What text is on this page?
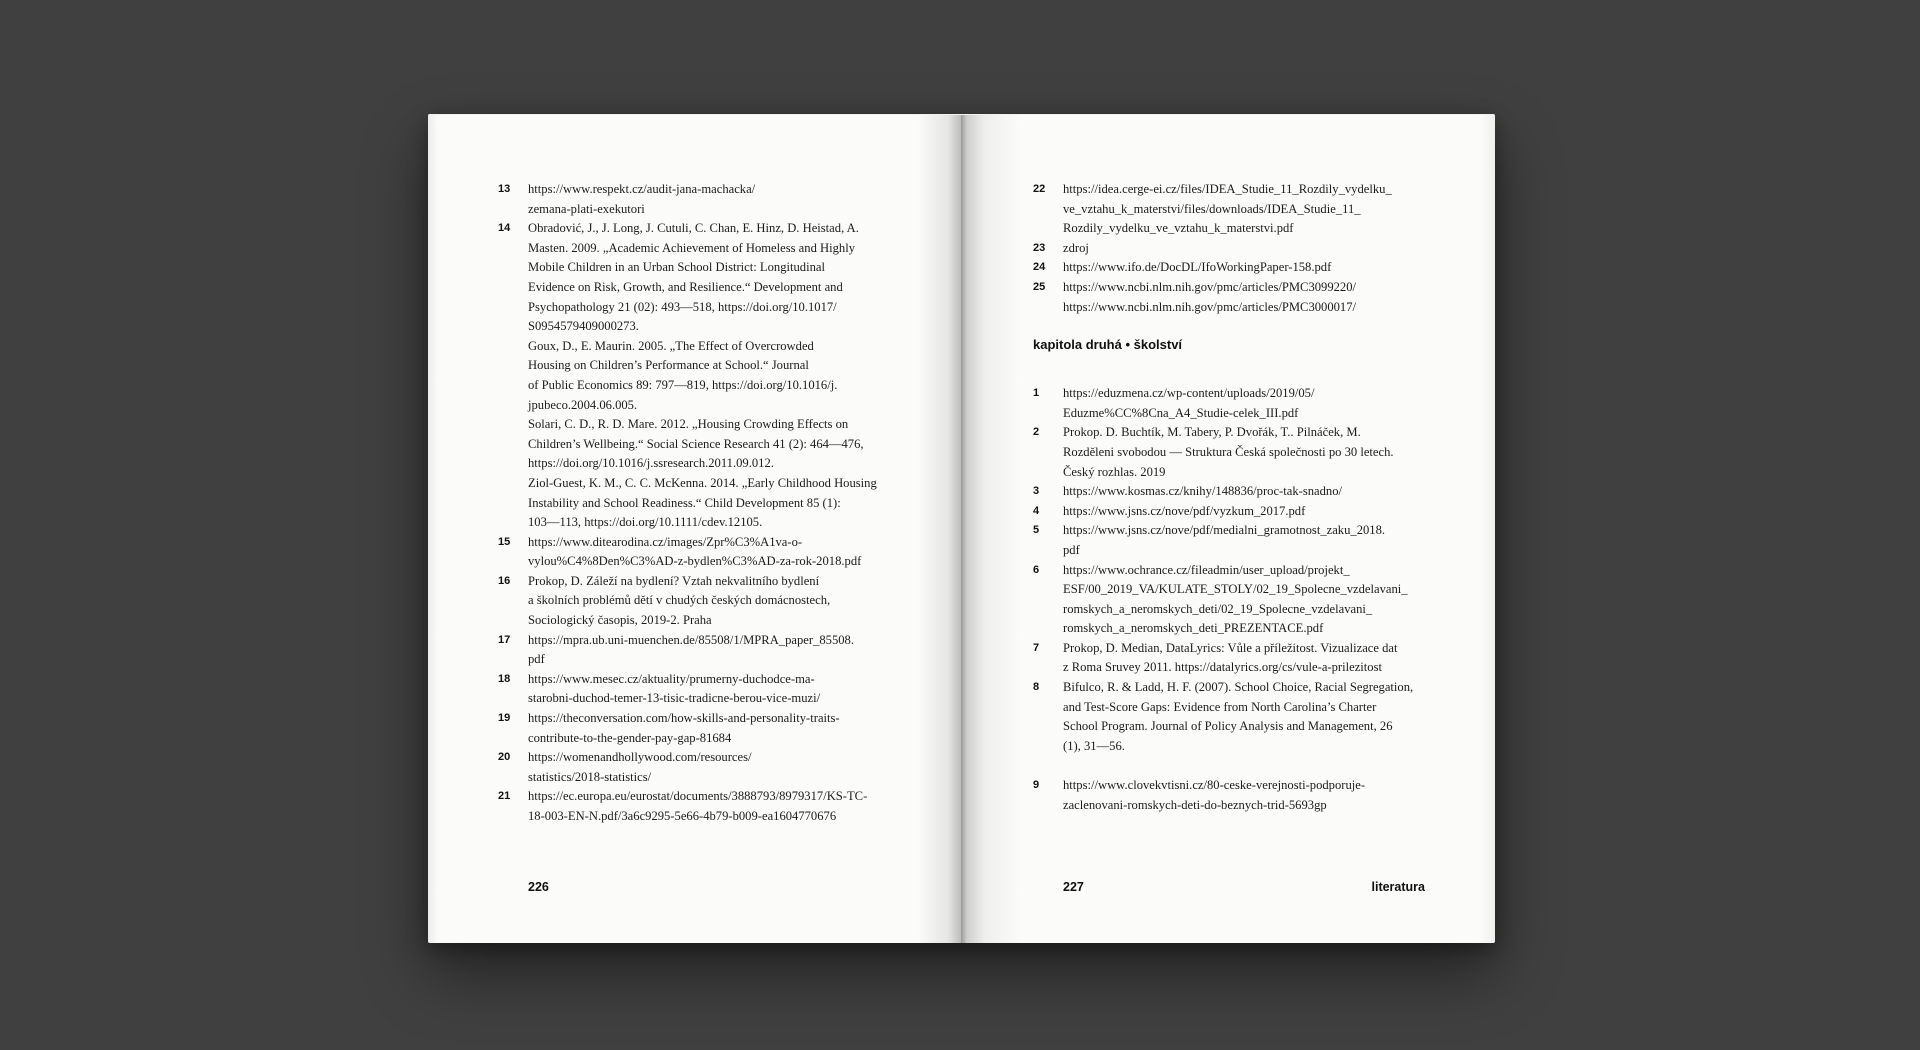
13	https://www.respekt.cz/audit-jana-machacka/
zemana-plati-exekutori
14	Obradović, J., J. Long, J. Cutuli, C. Chan, E. Hinz, D. Heistad, A.
Masten. 2009. „Academic Achievement of Homeless and Highly
Mobile Children in an Urban School District: Longitudinal
Evidence on Risk, Growth, and Resilience.“ Development and
Psychopathology 21 (02): 493—518, https://doi.org/10.1017/
S0954579409000273.
Goux, D., E. Maurin. 2005. „The Effect of Overcrowded
Housing on Children’s Performance at School.“ Journal
of Public Economics 89: 797—819, https://doi.org/10.1016/j.
jpubeco.2004.06.005.
Solari, C. D., R. D. Mare. 2012. „Housing Crowding Effects on
Children’s Wellbeing.“ Social Science Research 41 (2): 464—476,
https://doi.org/10.1016/j.ssresearch.2011.09.012.
Ziol-Guest, K. M., C. C. McKenna. 2014. „Early Childhood Housing
Instability and School Readiness.“ Child Development 85 (1):
103—113, https://doi.org/10.1111/cdev.12105.
15	https://www.ditearodina.cz/images/Zpr%C3%A1va-o-
vylou%C4%8Den%C3%AD-z-bydlen%C3%AD-za-rok-2018.pdf
16	Prokop, D. Záleží na bydlení? Vztah nekvalitního bydlení
a školních problémů dětí v chudých českých domácnostech,
Sociologický časopis, 2019-2. Praha
17	https://mpra.ub.uni-muenchen.de/85508/1/MPRA_paper_85508.
pdf
18	https://www.mesec.cz/aktuality/prumerny-duchodce-ma-
starobni-duchod-temer-13-tisic-tradicne-berou-vice-muzi/
19	https://theconversation.com/how-skills-and-personality-traits-
contribute-to-the-gender-pay-gap-81684
20	https://womenandhollywood.com/resources/
statistics/2018-statistics/
21	https://ec.europa.eu/eurostat/documents/3888793/8979317/KS-TC-
18-003-EN-N.pdf/3a6c9295-5e66-4b79-b009-ea1604770676
226
22	https://idea.cerge-ei.cz/files/IDEA_Studie_11_Rozdily_vydelku_
ve_vztahu_k_materstvi/files/downloads/IDEA_Studie_11_
Rozdily_vydelku_ve_vztahu_k_materstvi.pdf
23	zdroj
24	https://www.ifo.de/DocDL/IfoWorkingPaper-158.pdf
25	https://www.ncbi.nlm.nih.gov/pmc/articles/PMC3099220/
https://www.ncbi.nlm.nih.gov/pmc/articles/PMC3000017/
kapitola druhá • školství
1	https://eduzmena.cz/wp-content/uploads/2019/05/
Eduzme%CC%8Cna_A4_Studie-celek_III.pdf
2	Prokop. D. Buchtík, M. Tabery, P. Dvořák, T.. Pilnáček, M.
Rozděleni svobodou — Struktura Česká společnosti po 30 letech.
Český rozhlas. 2019
3	https://www.kosmas.cz/knihy/148836/proc-tak-snadno/
4	https://www.jsns.cz/nove/pdf/vyzkum_2017.pdf
5	https://www.jsns.cz/nove/pdf/medialni_gramotnost_zaku_2018.
pdf
6	https://www.ochrance.cz/fileadmin/user_upload/projekt_
ESF/00_2019_VA/KULATE_STOLY/02_19_Spolecne_vzdelavani_
romskych_a_neromskych_deti/02_19_Spolecne_vzdelavani_
romskych_a_neromskych_deti_PREZENTACE.pdf
7	Prokop, D. Median, DataLyrics: Vůle a příležitost. Vizualizace dat
z Roma Sruvey 2011. https://datalyrics.org/cs/vule-a-prilezitost
8	Bifulco, R. & Ladd, H. F. (2007). School Choice, Racial Segregation,
and Test-Score Gaps: Evidence from North Carolina’s Charter
School Program. Journal of Policy Analysis and Management, 26
(1), 31—56.
9	https://www.clovekvtisni.cz/80-ceske-verejnosti-podporuje-
zaclenovani-romskych-deti-do-beznych-trid-5693gp
227	literatura
